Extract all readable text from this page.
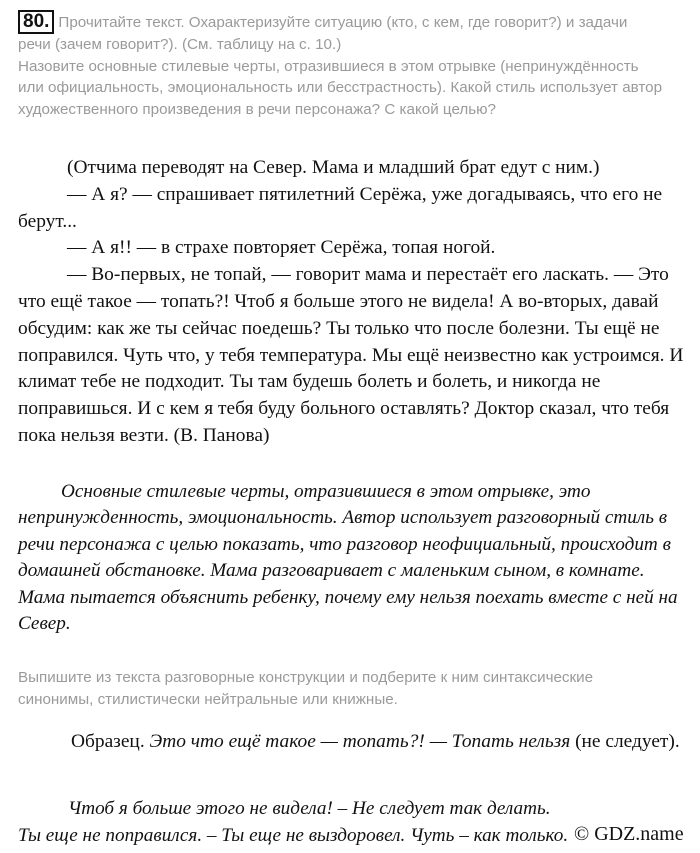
80. Прочитайте текст. Охарактеризуйте ситуацию (кто, с кем, где говорит?) и задачи
речи (зачем говорит?). (См. таблицу на с. 10.)
Назовите основные стилевые черты, отразившиеся в этом отрывке (непринуждённость
или официальность, эмоциональность или бесстрастность). Какой стиль использует автор
художественного произведения в речи персонажа? С какой целью?

(Отчима переводят на Север. Мама и младший брат едут с ним.)

— А я? — спрашивает пятилетний Серёжа, уже догадываясь, что его не берут...

— А я!! — в страхе повторяет Серёжа, топая ногой.

— Во-первых, не топай, — говорит мама и перестаёт его ласкать. — Это что ещё такое — топать?! Чтоб я больше этого не видела! А во-вторых, давай обсудим: как же ты сейчас поедешь? Ты только что после болезни. Ты ещё не поправился. Чуть что, у тебя температура. Мы ещё неизвестно как устроимся. И климат тебе не подходит. Ты там будешь болеть и болеть, и никогда не поправишься. И с кем я тебя буду больного оставлять? Доктор сказал, что тебя пока нельзя везти. (В. Панова)

Основные стилевые черты, отразившиеся в этом отрывке, это непринужденность, эмоциональность. Автор использует разговорный стиль в речи персонажа с целью показать, что разговор неофициальный, происходит в домашней обстановке. Мама разговаривает с маленьким сыном, в комнате. Мама пытается объяснить ребенку, почему ему нельзя поехать вместе с ней на Север.
Выпишите из текста разговорные конструкции и подберите к ним синтаксические
синонимы, стилистически нейтральные или книжные.
Образец. Это что ещё такое — топать?! — Топать нельзя (не следует).
Чтоб я больше этого не видела! – Не следует так делать.
Ты еще не поправился. – Ты еще не выздоровел. Чуть – как только. © GDZ.name
